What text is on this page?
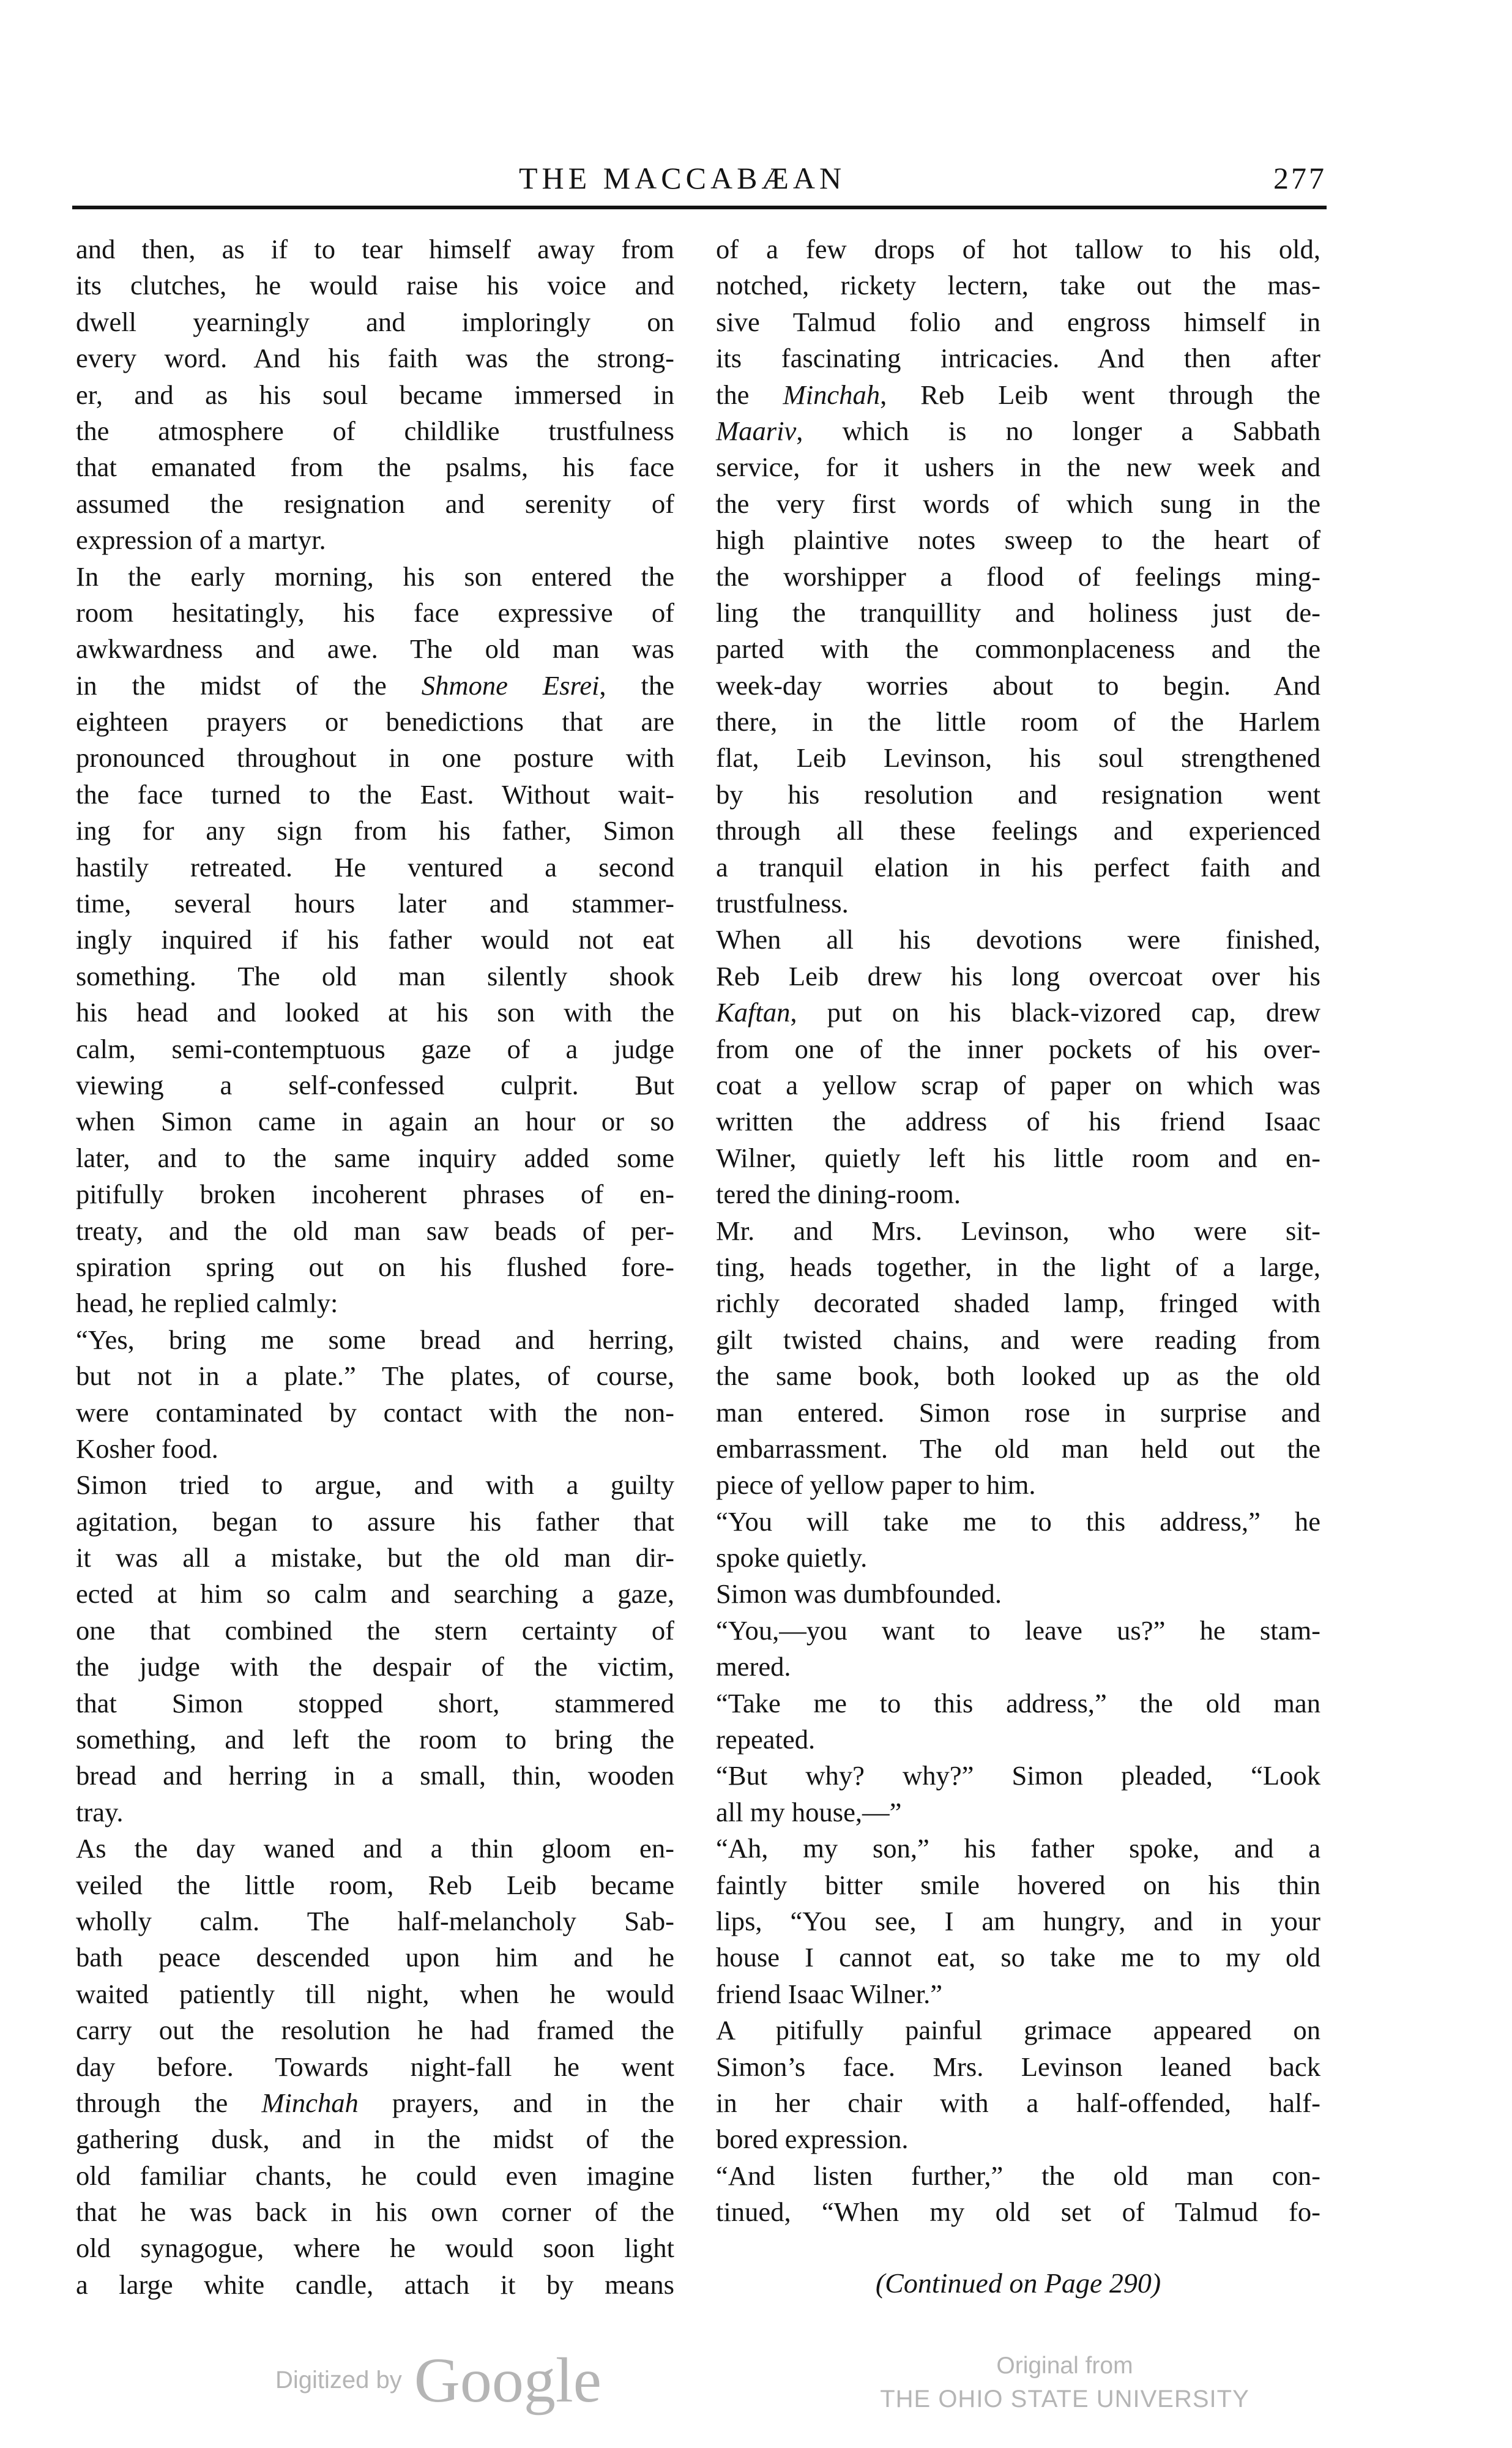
THE MACCABÆAN	277
and then, as if to tear himself away from
its clutches, he would raise his voice and
dwell yearningly and imploringly on
every word. And his faith was the strong-
er, and as his soul became immersed in
the atmosphere of childlike trustfulness
that emanated from the psalms, his face
assumed the resignation and serenity of
expression of a martyr.
In the early morning, his son entered the
room hesitatingly, his face expressive of
awkwardness and awe. The old man was
in the midst of the Shmone Esrei, the
eighteen prayers or benedictions that are
pronounced throughout in one posture with
the face turned to the East. Without wait-
ing for any sign from his father, Simon
hastily retreated. He ventured a second
time, several hours later and stammer-
ingly inquired if his father would not eat
something. The old man silently shook
his head and looked at his son with the
calm, semi-contemptuous gaze of a judge
viewing a self-confessed culprit. But
when Simon came in again an hour or so
later, and to the same inquiry added some
pitifully broken incoherent phrases of en-
treaty, and the old man saw beads of per-
spiration spring out on his flushed fore-
head, he replied calmly:
“Yes, bring me some bread and herring,
but not in a plate.” The plates, of course,
were contaminated by contact with the non-
Kosher food.
Simon tried to argue, and with a guilty
agitation, began to assure his father that
it was all a mistake, but the old man dir-
ected at him so calm and searching a gaze,
one that combined the stern certainty of
the judge with the despair of the victim,
that Simon stopped short, stammered
something, and left the room to bring the
bread and herring in a small, thin, wooden
tray.
As the day waned and a thin gloom en-
veiled the little room, Reb Leib became
wholly calm. The half-melancholy Sab-
bath peace descended upon him and he
waited patiently till night, when he would
carry out the resolution he had framed the
day before. Towards night-fall he went
through the Minchah prayers, and in the
gathering dusk, and in the midst of the
old familiar chants, he could even imagine
that he was back in his own corner of the
old synagogue, where he would soon light
a large white candle, attach it by means
of a few drops of hot tallow to his old,
notched, rickety lectern, take out the mas-
sive Talmud folio and engross himself in
its fascinating intricacies. And then after
the Minchah, Reb Leib went through the
Maariv, which is no longer a Sabbath
service, for it ushers in the new week and
the very first words of which sung in the
high plaintive notes sweep to the heart of
the worshipper a flood of feelings ming-
ling the tranquillity and holiness just de-
parted with the commonplaceness and the
week-day worries about to begin. And
there, in the little room of the Harlem
flat, Leib Levinson, his soul strengthened
by his resolution and resignation went
through all these feelings and experienced
a tranquil elation in his perfect faith and
trustfulness.
When all his devotions were finished,
Reb Leib drew his long overcoat over his
Kaftan, put on his black-vizored cap, drew
from one of the inner pockets of his over-
coat a yellow scrap of paper on which was
written the address of his friend Isaac
Wilner, quietly left his little room and en-
tered the dining-room.
Mr. and Mrs. Levinson, who were sit-
ting, heads together, in the light of a large,
richly decorated shaded lamp, fringed with
gilt twisted chains, and were reading from
the same book, both looked up as the old
man entered. Simon rose in surprise and
embarrassment. The old man held out the
piece of yellow paper to him.
“You will take me to this address,” he
spoke quietly.
Simon was dumbfounded.
“You,—you want to leave us?” he stam-
mered.
“Take me to this address,” the old man
repeated.
“But why? why?” Simon pleaded, “Look
all my house,—”
“Ah, my son,” his father spoke, and a
faintly bitter smile hovered on his thin
lips, “You see, I am hungry, and in your
house I cannot eat, so take me to my old
friend Isaac Wilner.”
A pitifully painful grimace appeared on
Simon’s face. Mrs. Levinson leaned back
in her chair with a half-offended, half-
bored expression.
“And listen further,” the old man con-
tinued, “When my old set of Talmud fo-
(Continued on Page 290)
Digitized by Google	Original from
THE OHIO STATE UNIVERSITY
